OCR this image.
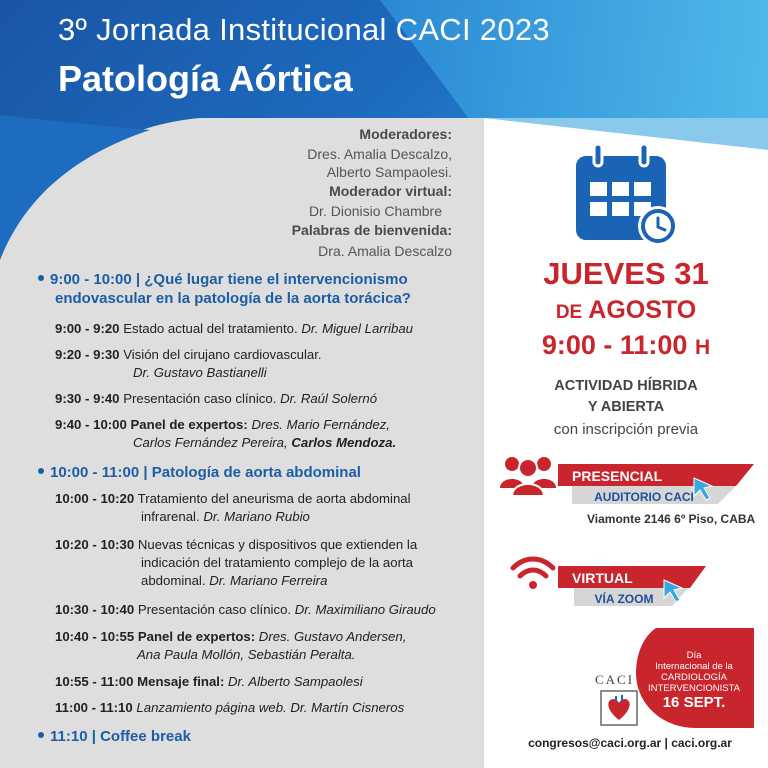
3º Jornada Institucional CACI 2023
Patología Aórtica
Moderadores:
Dres. Amalia Descalzo,
Alberto Sampaolesi.
Moderador virtual:
Dr. Dionisio Chambre
Palabras de bienvenida:
Dra. Amalia Descalzo
9:00 - 10:00 | ¿Qué lugar tiene el intervencionismo
endovascular en la patología de la aorta torácica?
9:00 - 9:20 Estado actual del tratamiento. Dr. Miguel Larribau
9:20 - 9:30 Visión del cirujano cardiovascular.
Dr. Gustavo Bastianelli
9:30 - 9:40 Presentación caso clínico. Dr. Raúl Solernó
9:40 - 10:00 Panel de expertos: Dres. Mario Fernández,
Carlos Fernández Pereira, Carlos Mendoza.
10:00 - 11:00 | Patología de aorta abdominal
10:00 - 10:20 Tratamiento del aneurisma de aorta abdominal
infrarenal. Dr. Mariano Rubio
10:20 - 10:30 Nuevas técnicas y dispositivos que extienden la
indicación del tratamiento complejo de la aorta
abdominal. Dr. Mariano Ferreira
10:30 - 10:40 Presentación caso clínico. Dr. Maximiliano Giraudo
10:40 - 10:55 Panel de expertos: Dres. Gustavo Andersen,
Ana Paula Mollón, Sebastián Peralta.
10:55 - 11:00 Mensaje final: Dr. Alberto Sampaolesi
11:00 - 11:10 Lanzamiento página web. Dr. Martín Cisneros
11:10 | Coffee break
JUEVES 31
DE AGOSTO
9:00 - 11:00 H
ACTIVIDAD HÍBRIDA
Y ABIERTA
con inscripción previa
PRESENCIAL
AUDITORIO CACI
Viamonte 2146 6º Piso, CABA
VIRTUAL
VÍA ZOOM
Día
Internacional de la
CARDIOLOGÍA
INTERVENCIONISTA
16 SEPT.
CACI
congresos@caci.org.ar | caci.org.ar
